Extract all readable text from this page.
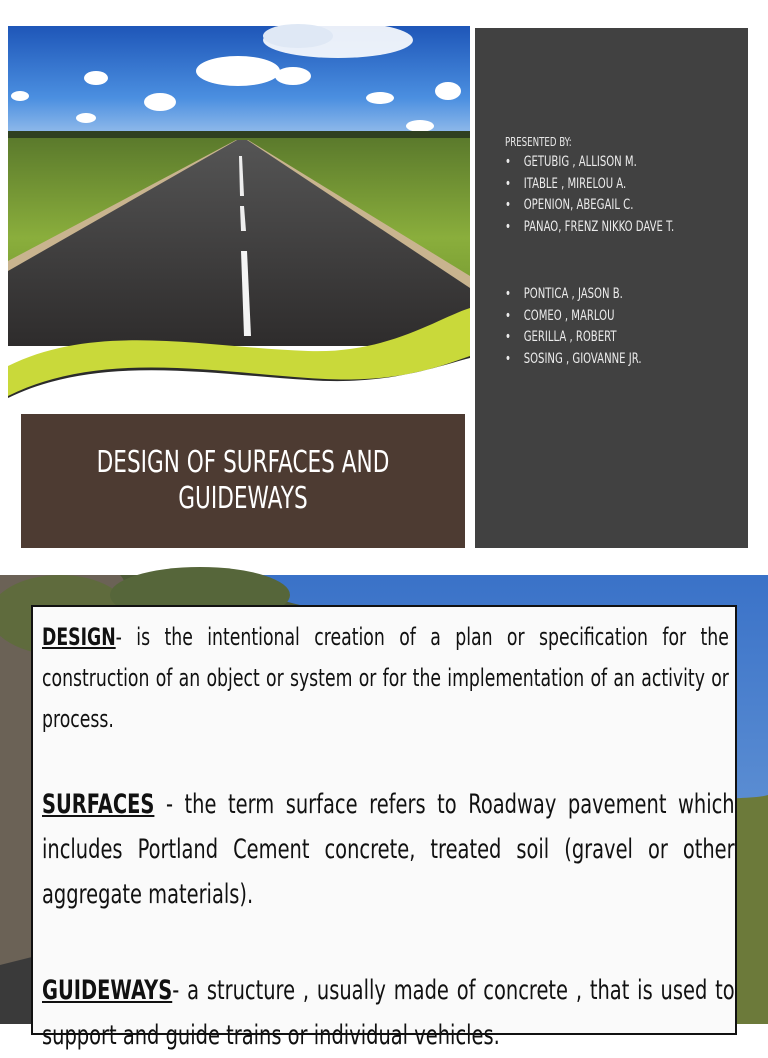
DESIGN OF SURFACES AND
GUIDEWAYS
PRESENTED BY:
• GETUBIG , ALLISON M.
• ITABLE , MIRELOU A.
• OPENION, ABEGAIL C.
• PANAO, FRENZ NIKKO DAVE T.
• PONTICA , JASON B.
• COMEO , MARLOU
• GERILLA , ROBERT
• SOSING , GIOVANNE JR.

DESIGN- is the intentional creation of a plan or specification for the construction of an object or system or for the implementation of an activity or process.

SURFACES - the term surface refers to Roadway pavement which includes Portland Cement concrete, treated soil (gravel or other aggregate materials).

GUIDEWAYS- a structure , usually made of concrete , that is used to support and guide trains or individual vehicles.
